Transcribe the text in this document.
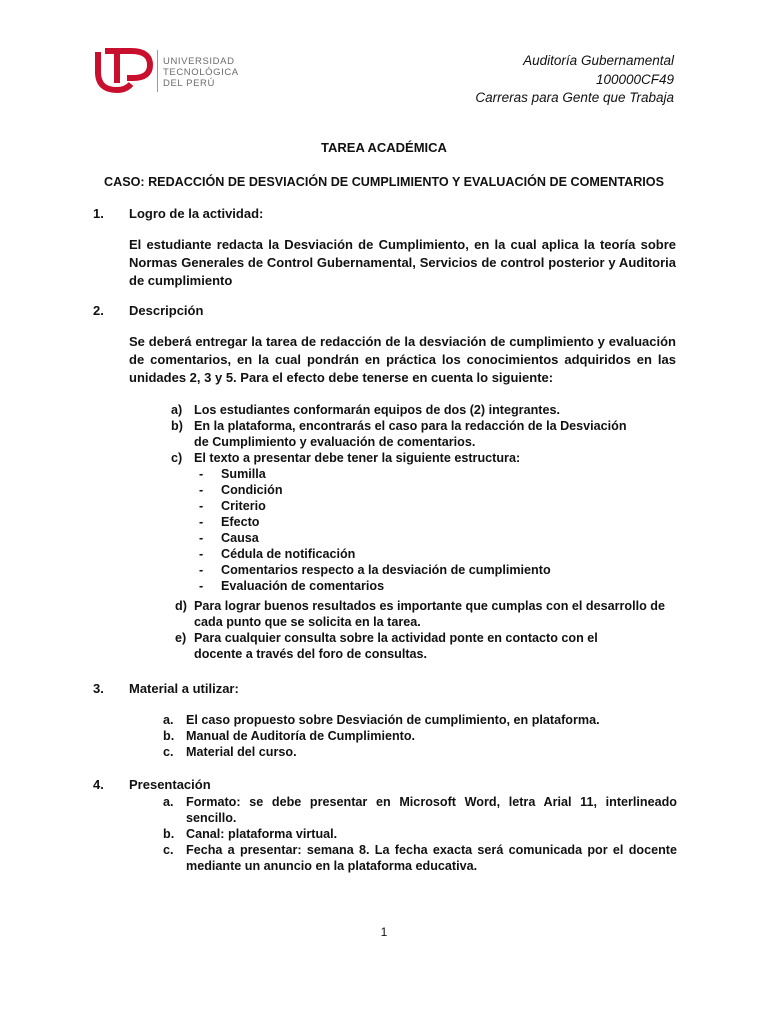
UNIVERSIDAD
TECNOLÓGICA
DEL PERÚ
Auditoría Gubernamental
100000CF49
Carreras para Gente que Trabaja
TAREA ACADÉMICA
CASO: REDACCIÓN DE DESVIACIÓN DE CUMPLIMIENTO Y EVALUACIÓN DE COMENTARIOS
1. Logro de la actividad:
El estudiante redacta la Desviación de Cumplimiento, en la cual aplica la teoría sobre Normas Generales de Control Gubernamental, Servicios de control posterior y Auditoria de cumplimiento
2. Descripción
Se deberá entregar la tarea de redacción de la desviación de cumplimiento y evaluación de comentarios, en la cual pondrán en práctica los conocimientos adquiridos en las unidades 2, 3 y 5. Para el efecto debe tenerse en cuenta lo siguiente:
a) Los estudiantes conformarán equipos de dos (2) integrantes.
b) En la plataforma, encontrarás el caso para la redacción de la Desviación de Cumplimiento y evaluación de comentarios.
c) El texto a presentar debe tener la siguiente estructura:
-	Sumilla
-	Condición
-	Criterio
-	Efecto
-	Causa
-	Cédula de notificación
-	Comentarios respecto a la desviación de cumplimiento
-	Evaluación de comentarios
d) Para lograr buenos resultados es importante que cumplas con el desarrollo de cada punto que se solicita en la tarea.
e) Para cualquier consulta sobre la actividad ponte en contacto con el docente a través del foro de consultas.
3. Material a utilizar:
a. El caso propuesto sobre Desviación de cumplimiento, en plataforma.
b. Manual de Auditoría de Cumplimiento.
c. Material del curso.
4. Presentación
a. Formato: se debe presentar en Microsoft Word, letra Arial 11, interlineado sencillo.
b. Canal: plataforma virtual.
c. Fecha a presentar: semana 8. La fecha exacta será comunicada por el docente mediante un anuncio en la plataforma educativa.
1
